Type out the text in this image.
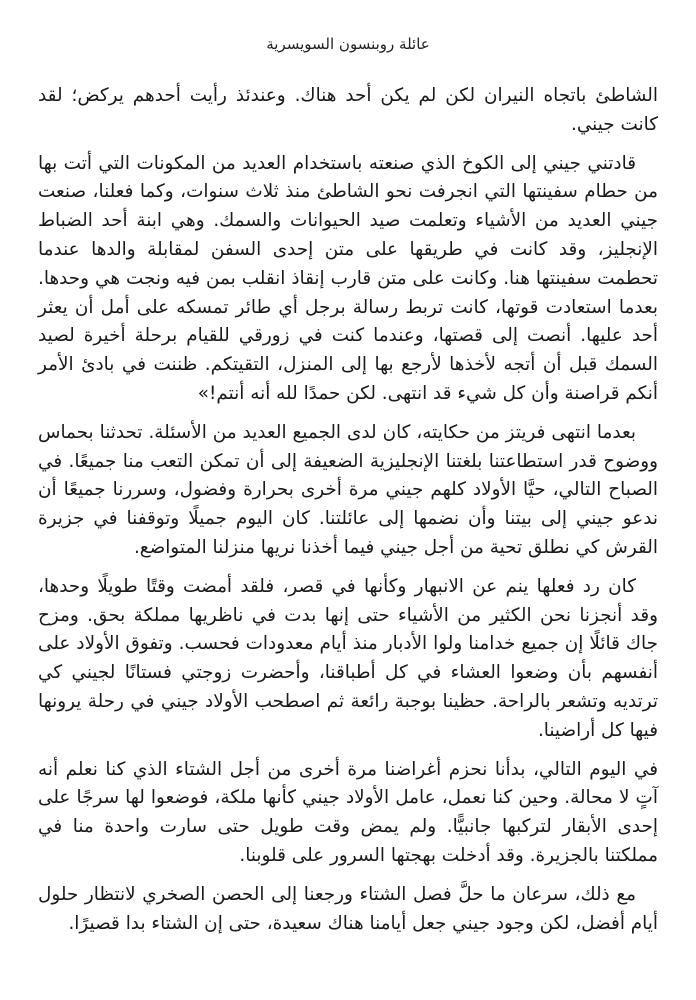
عائلة روبنسون السويسرية

الشاطئ باتجاه النيران لكن لم يكن أحد هناك. وعندئذ رأيت أحدهم يركض؛ لقد كانت جيني.

قادتني جيني إلى الكوخ الذي صنعته باستخدام العديد من المكونات التي أتت بها من حطام سفينتها التي انجرفت نحو الشاطئ منذ ثلاث سنوات، وكما فعلنا، صنعت جيني العديد من الأشياء وتعلمت صيد الحيوانات والسمك. وهي ابنة أحد الضباط الإنجليز، وقد كانت في طريقها على متن إحدى السفن لمقابلة والدها عندما تحطمت سفينتها هنا. وكانت على متن قارب إنقاذ انقلب بمن فيه ونجت هي وحدها. بعدما استعادت قوتها، كانت تربط رسالة برجل أي طائر تمسكه على أمل أن يعثر أحد عليها. أنصت إلى قصتها، وعندما كنت في زورقي للقيام برحلة أخيرة لصيد السمك قبل أن أتجه لأخذها لأرجع بها إلى المنزل، التقيتكم. ظننت في بادئ الأمر أنكم قراصنة وأن كل شيء قد انتهى. لكن حمدًا لله أنه أنتم!»

بعدما انتهى فريتز من حكايته، كان لدى الجميع العديد من الأسئلة. تحدثنا بحماس ووضوح قدر استطاعتنا بلغتنا الإنجليزية الضعيفة إلى أن تمكن التعب منا جميعًا. في الصباح التالي، حيَّا الأولاد كلهم جيني مرة أخرى بحرارة وفضول، وسررنا جميعًا أن ندعو جيني إلى بيتنا وأن نضمها إلى عائلتنا. كان اليوم جميلًا وتوقفنا في جزيرة القرش كي نطلق تحية من أجل جيني فيما أخذنا نريها منزلنا المتواضع.

كان رد فعلها ينم عن الانبهار وكأنها في قصر، فلقد أمضت وقتًا طويلًا وحدها، وقد أنجزنا نحن الكثير من الأشياء حتى إنها بدت في ناظريها مملكة بحق. ومزح جاك قائلًا إن جميع خدامنا ولوا الأدبار منذ أيام معدودات فحسب. وتفوق الأولاد على أنفسهم بأن وضعوا العشاء في كل أطباقنا، وأحضرت زوجتي فستانًا لجيني كي ترتديه وتشعر بالراحة. حظينا بوجبة رائعة ثم اصطحب الأولاد جيني في رحلة يرونها فيها كل أراضينا.

في اليوم التالي، بدأنا نحزم أغراضنا مرة أخرى من أجل الشتاء الذي كنا نعلم أنه آتٍ لا محالة. وحين كنا نعمل، عامل الأولاد جيني كأنها ملكة، فوضعوا لها سرجًا على إحدى الأبقار لتركبها جانبيًّا. ولم يمض وقت طويل حتى سارت واحدة منا في مملكتنا بالجزيرة. وقد أدخلت بهجتها السرور على قلوبنا.

مع ذلك، سرعان ما حلَّ فصل الشتاء ورجعنا إلى الحصن الصخري لانتظار حلول أيام أفضل، لكن وجود جيني جعل أيامنا هناك سعيدة، حتى إن الشتاء بدا قصيرًا.
